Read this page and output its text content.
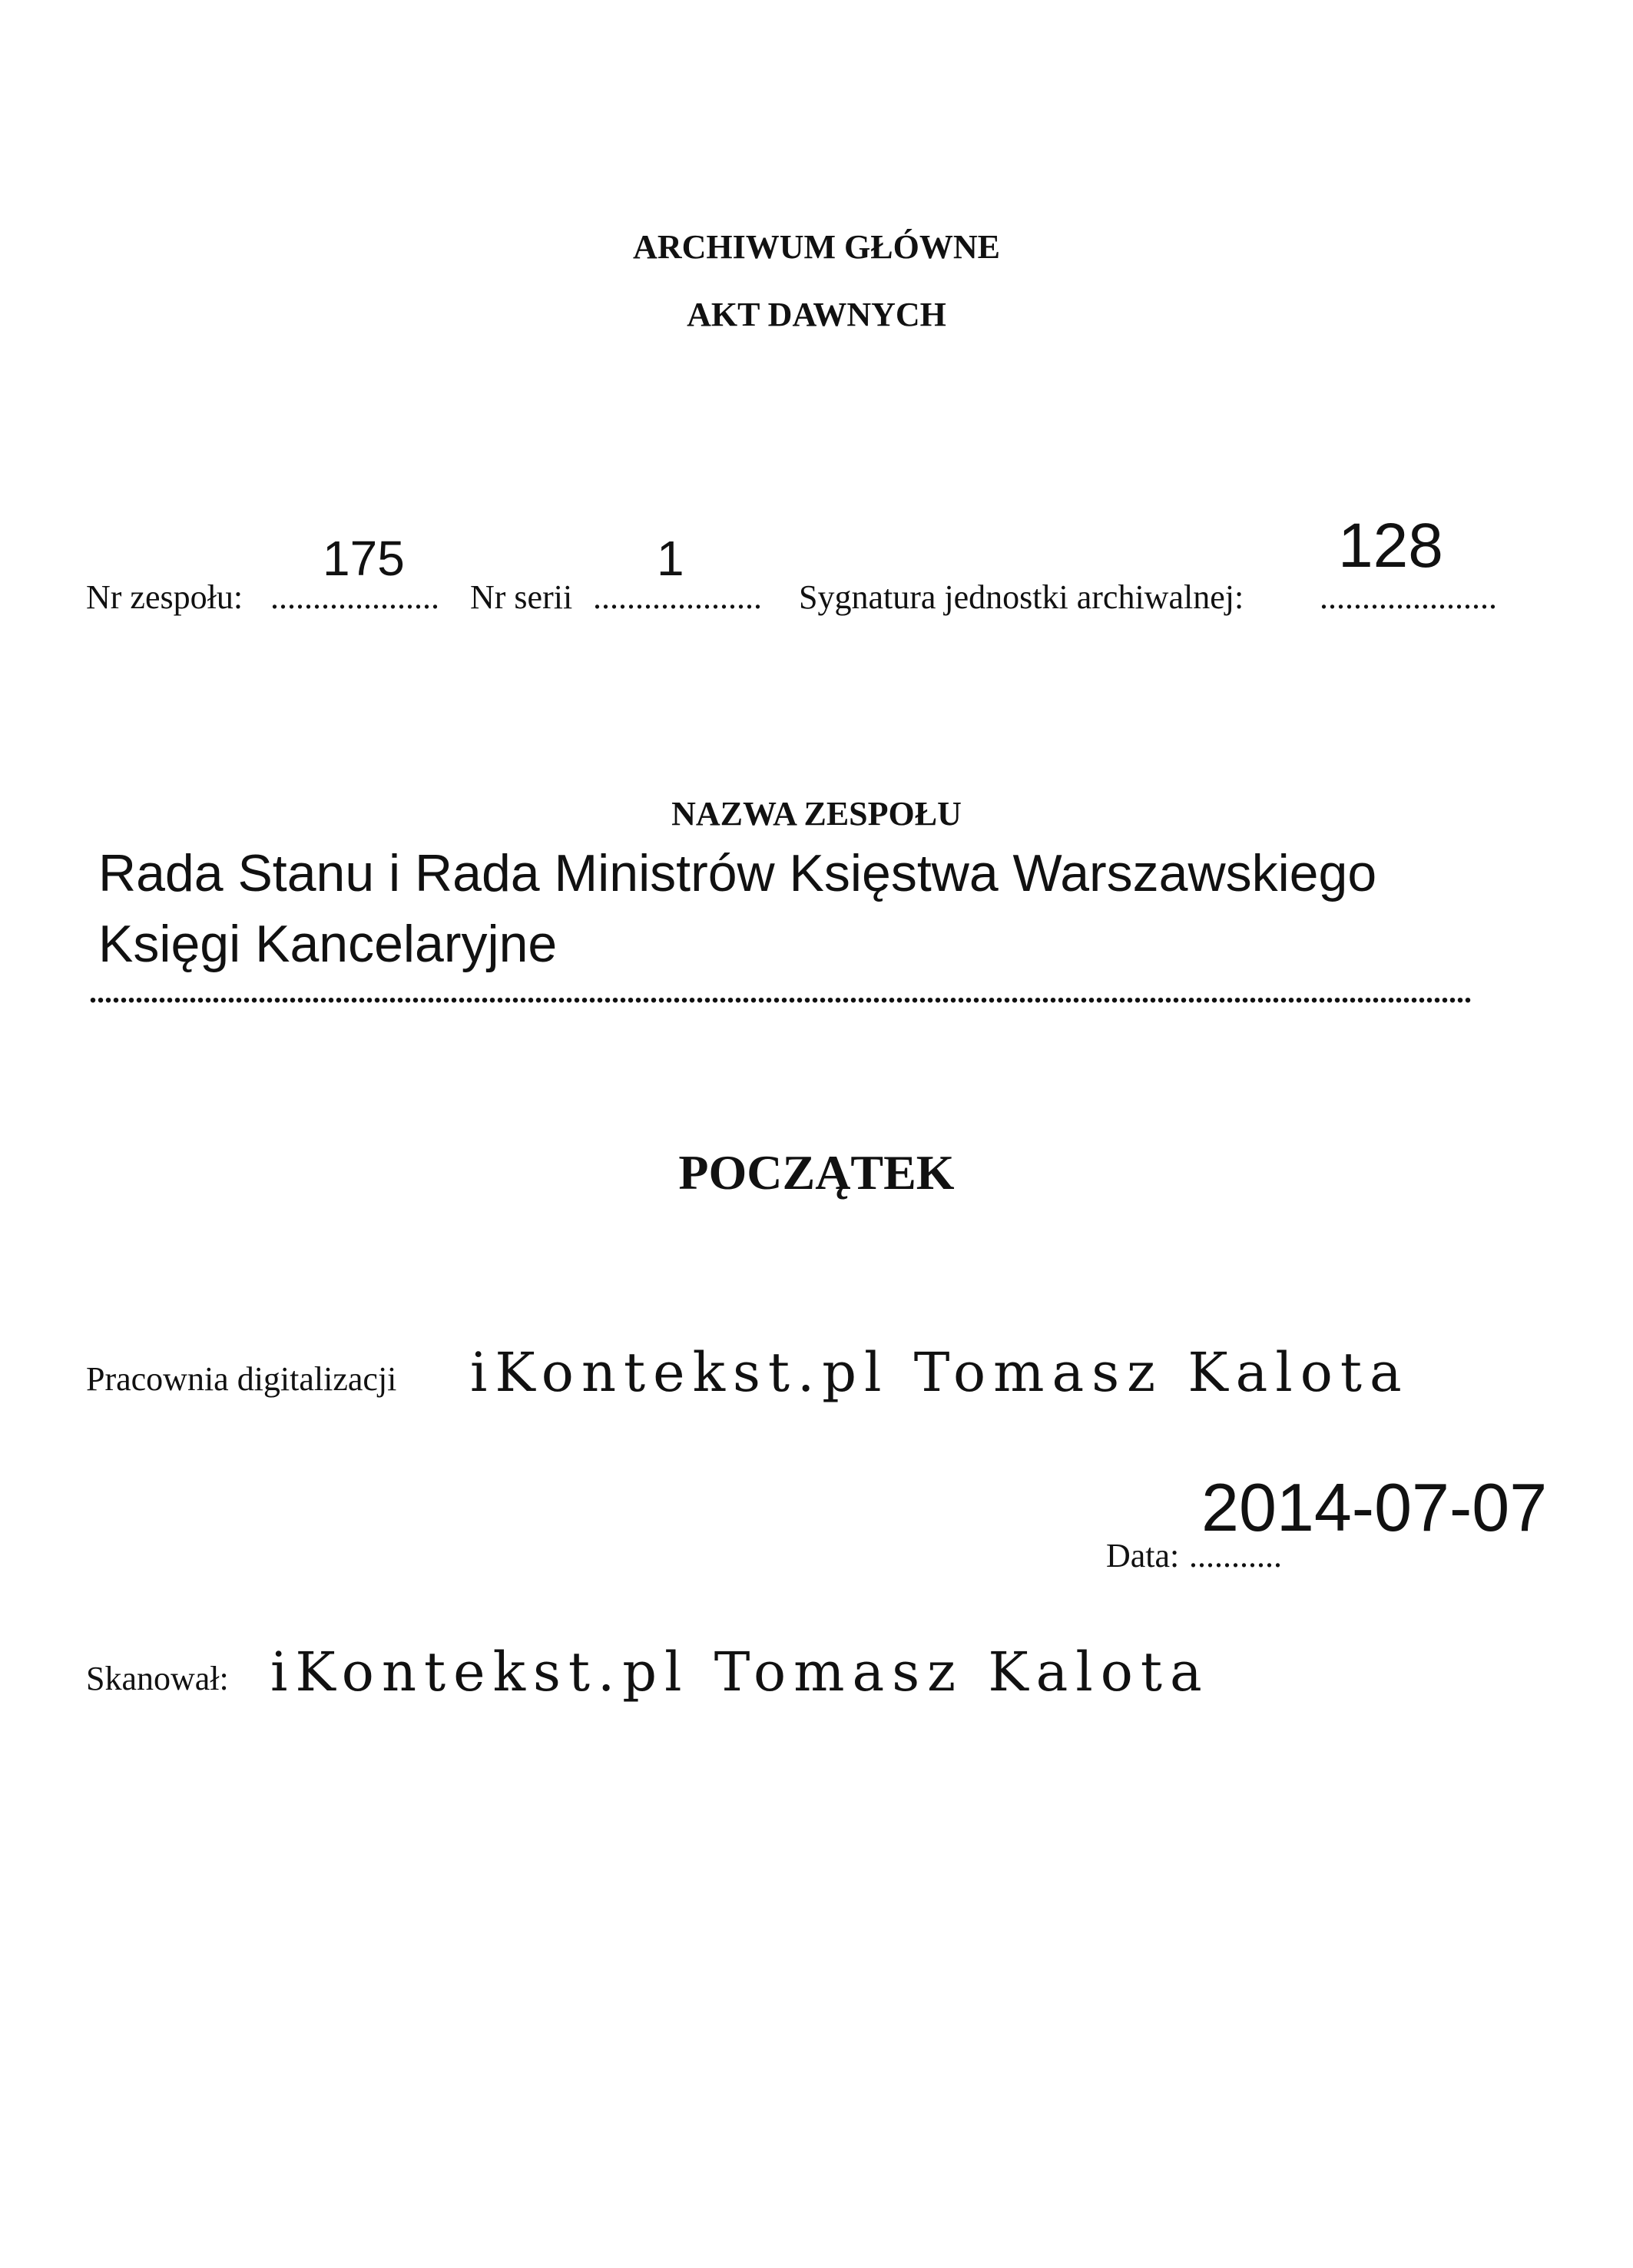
ARCHIWUM GŁÓWNE
AKT DAWNYCH
Nr zespołu: ....................
175
Nr serii ....................
1
Sygnatura jednostki archiwalnej: .....................
128
NAZWA ZESPOŁU
Rada Stanu i Rada Ministrów Księstwa Warszawskiego
Księgi Kancelaryjne
....................................................................................................................................................................................
POCZĄTEK
Pracownia digitalizacji iKontekst.pl Tomasz Kalota
Skanował: iKontekst.pl Tomasz Kalota
Data: ...........
2014-07-07
